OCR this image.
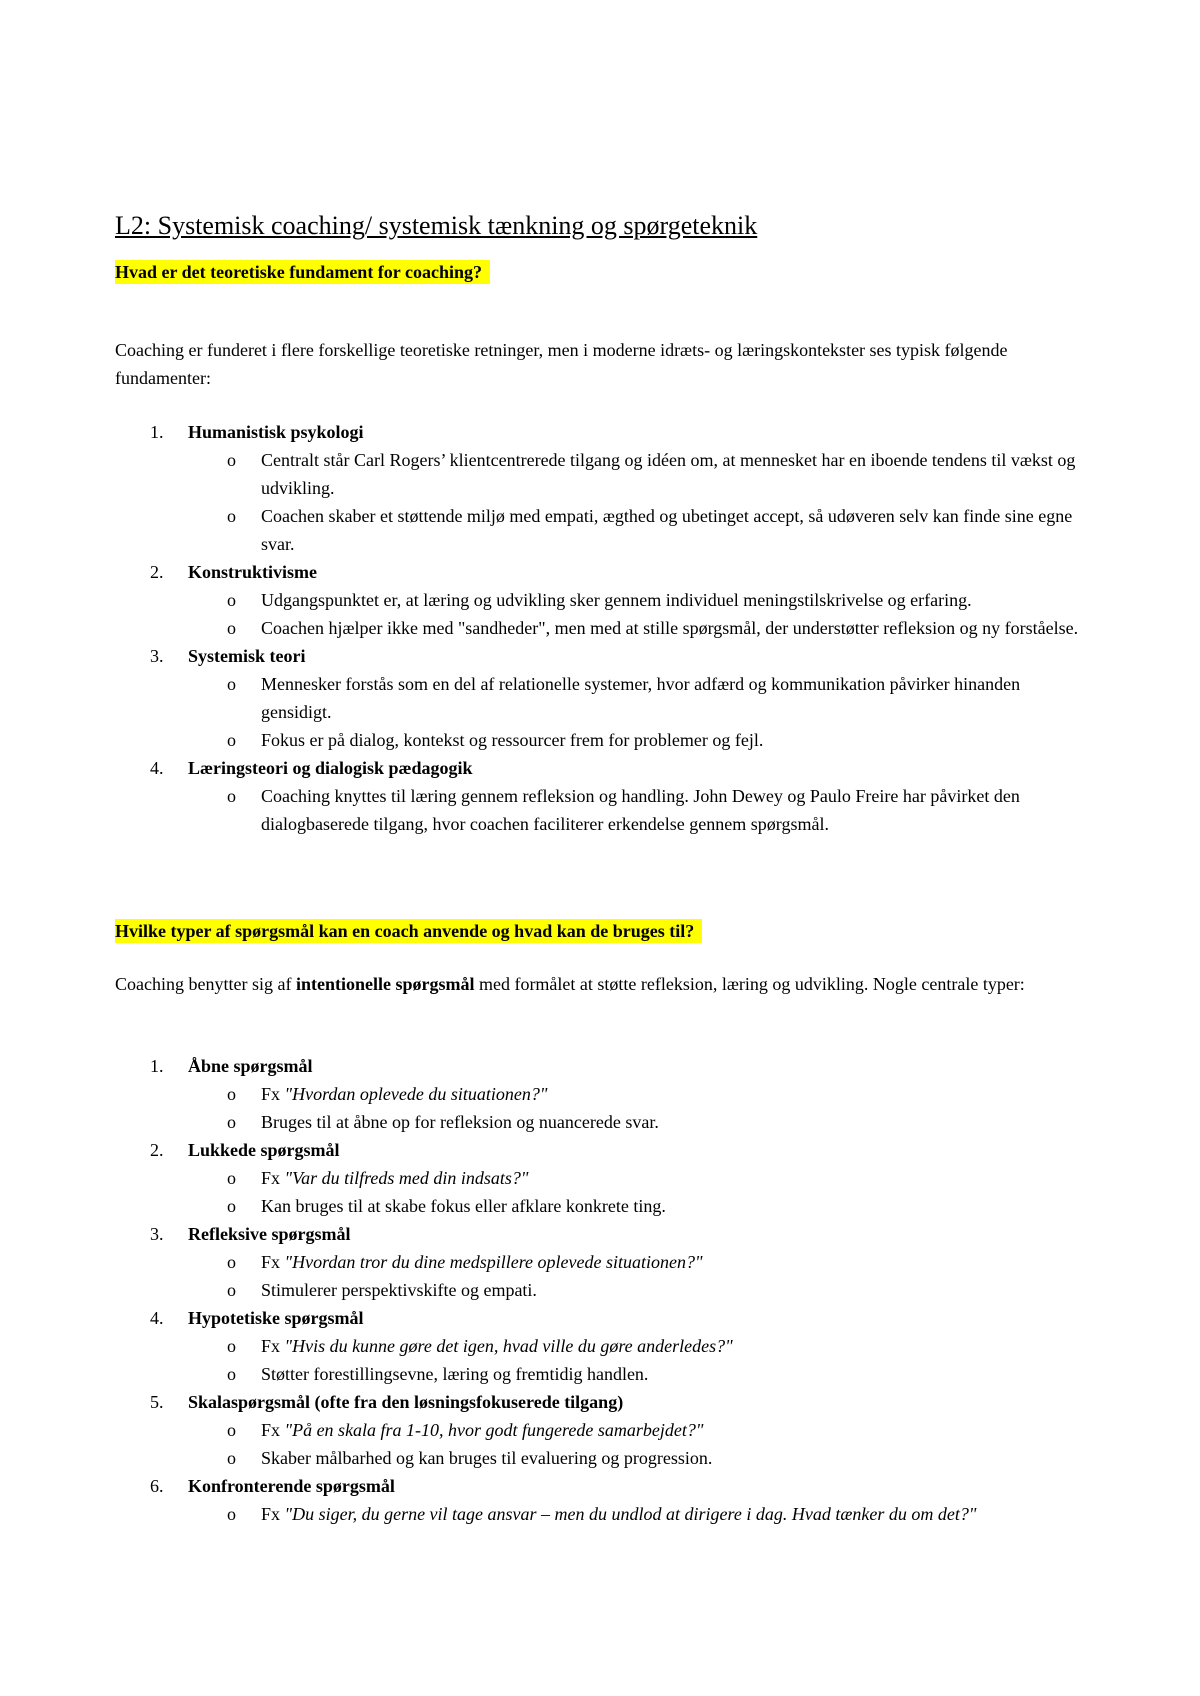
L2: Systemisk coaching/ systemisk tænkning og spørgeteknik

Hvad er det teoretiske fundament for coaching?

Coaching er funderet i flere forskellige teoretiske retninger, men i moderne idræts- og læringskontekster ses typisk følgende fundamenter:

1.	Humanistisk psykologi
o Centralt står Carl Rogers’ klientcentrerede tilgang og idéen om, at mennesket har en iboende tendens til vækst og udvikling.
o Coachen skaber et støttende miljø med empati, ægthed og ubetinget accept, så udøveren selv kan finde sine egne svar.
2.	Konstruktivisme
o Udgangspunktet er, at læring og udvikling sker gennem individuel meningstilskrivelse og erfaring.
o Coachen hjælper ikke med "sandheder", men med at stille spørgsmål, der understøtter refleksion og ny forståelse.
3.	Systemisk teori
o Mennesker forstås som en del af relationelle systemer, hvor adfærd og kommunikation påvirker hinanden gensidigt.
o Fokus er på dialog, kontekst og ressourcer frem for problemer og fejl.
4.	Læringsteori og dialogisk pædagogik
o Coaching knyttes til læring gennem refleksion og handling. John Dewey og Paulo Freire har påvirket den dialogbaserede tilgang, hvor coachen faciliterer erkendelse gennem spørgsmål.

Hvilke typer af spørgsmål kan en coach anvende og hvad kan de bruges til?

Coaching benytter sig af intentionelle spørgsmål med formålet at støtte refleksion, læring og udvikling. Nogle centrale typer:

1.	Åbne spørgsmål
o Fx "Hvordan oplevede du situationen?"
o Bruges til at åbne op for refleksion og nuancerede svar.
2.	Lukkede spørgsmål
o Fx "Var du tilfreds med din indsats?"
o Kan bruges til at skabe fokus eller afklare konkrete ting.
3.	Refleksive spørgsmål
o Fx "Hvordan tror du dine medspillere oplevede situationen?"
o Stimulerer perspektivskifte og empati.
4.	Hypotetiske spørgsmål
o Fx "Hvis du kunne gøre det igen, hvad ville du gøre anderledes?"
o Støtter forestillingsevne, læring og fremtidig handlen.
5.	Skalaspørgsmål (ofte fra den løsningsfokuserede tilgang)
o Fx "På en skala fra 1-10, hvor godt fungerede samarbejdet?"
o Skaber målbarhed og kan bruges til evaluering og progression.
6.	Konfronterende spørgsmål
o Fx "Du siger, du gerne vil tage ansvar – men du undlod at dirigere i dag. Hvad tænker du om det?"
